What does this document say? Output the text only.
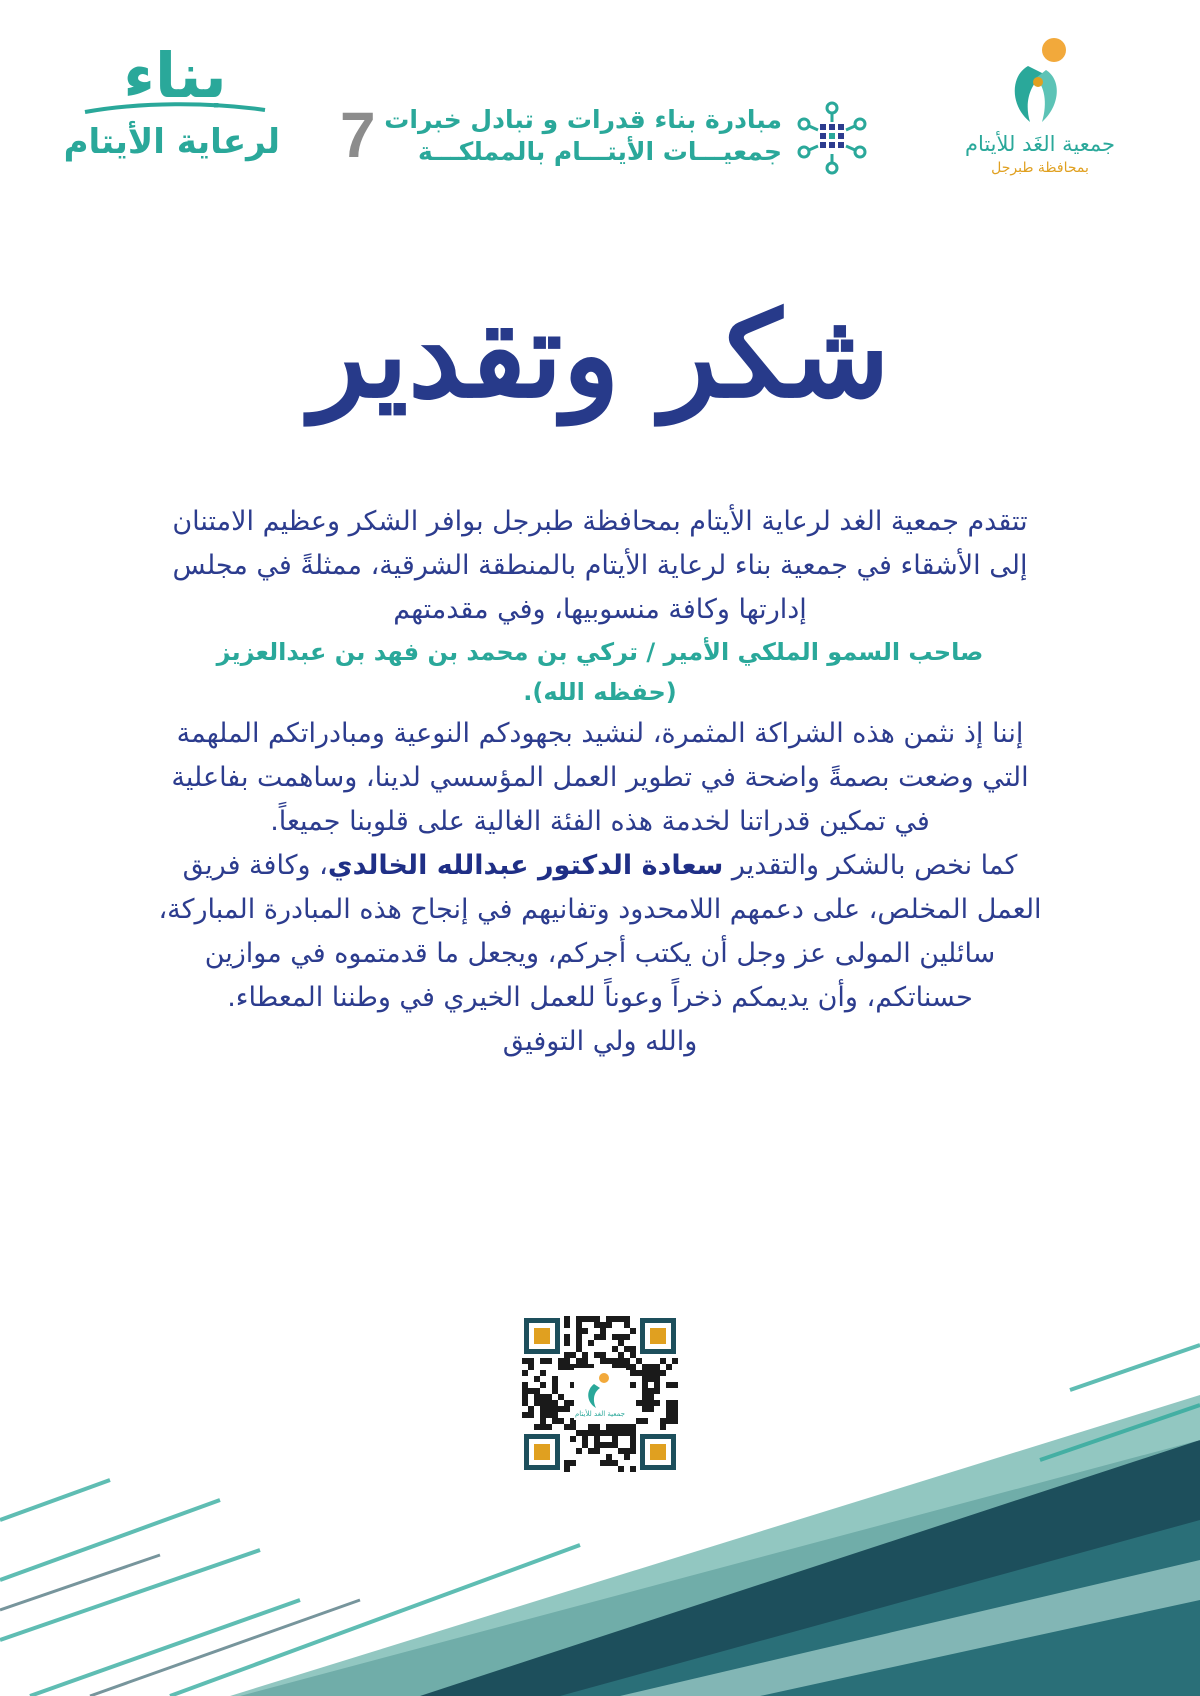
جمعية الغَد للأيتام
بمحافظة طبرجل
مبادرة بناء قدرات و تبادل خبرات
جمعيـــات الأيتـــام بالمملكـــة
7
بناء
لرعاية الأيتام
شكر وتقدير

تتقدم جمعية الغد لرعاية الأيتام بمحافظة طبرجل بوافر الشكر وعظيم الامتنان إلى الأشقاء في جمعية بناء لرعاية الأيتام بالمنطقة الشرقية، ممثلةً في مجلس إدارتها وكافة منسوبيها، وفي مقدمتهم

صاحب السمو الملكي الأمير / تركي بن محمد بن فهد بن عبدالعزيز

(حفظه الله).

إننا إذ نثمن هذه الشراكة المثمرة، لنشيد بجهودكم النوعية ومبادراتكم الملهمة التي وضعت بصمةً واضحة في تطوير العمل المؤسسي لدينا، وساهمت بفاعلية في تمكين قدراتنا لخدمة هذه الفئة الغالية على قلوبنا جميعاً.

كما نخص بالشكر والتقدير سعادة الدكتور عبدالله الخالدي، وكافة فريق العمل المخلص، على دعمهم اللامحدود وتفانيهم في إنجاح هذه المبادرة المباركة، سائلين المولى عز وجل أن يكتب أجركم، ويجعل ما قدمتموه في موازين حسناتكم، وأن يديمكم ذخراً وعوناً للعمل الخيري في وطننا المعطاء.

والله ولي التوفيق

جمعية الغد للأيتام
